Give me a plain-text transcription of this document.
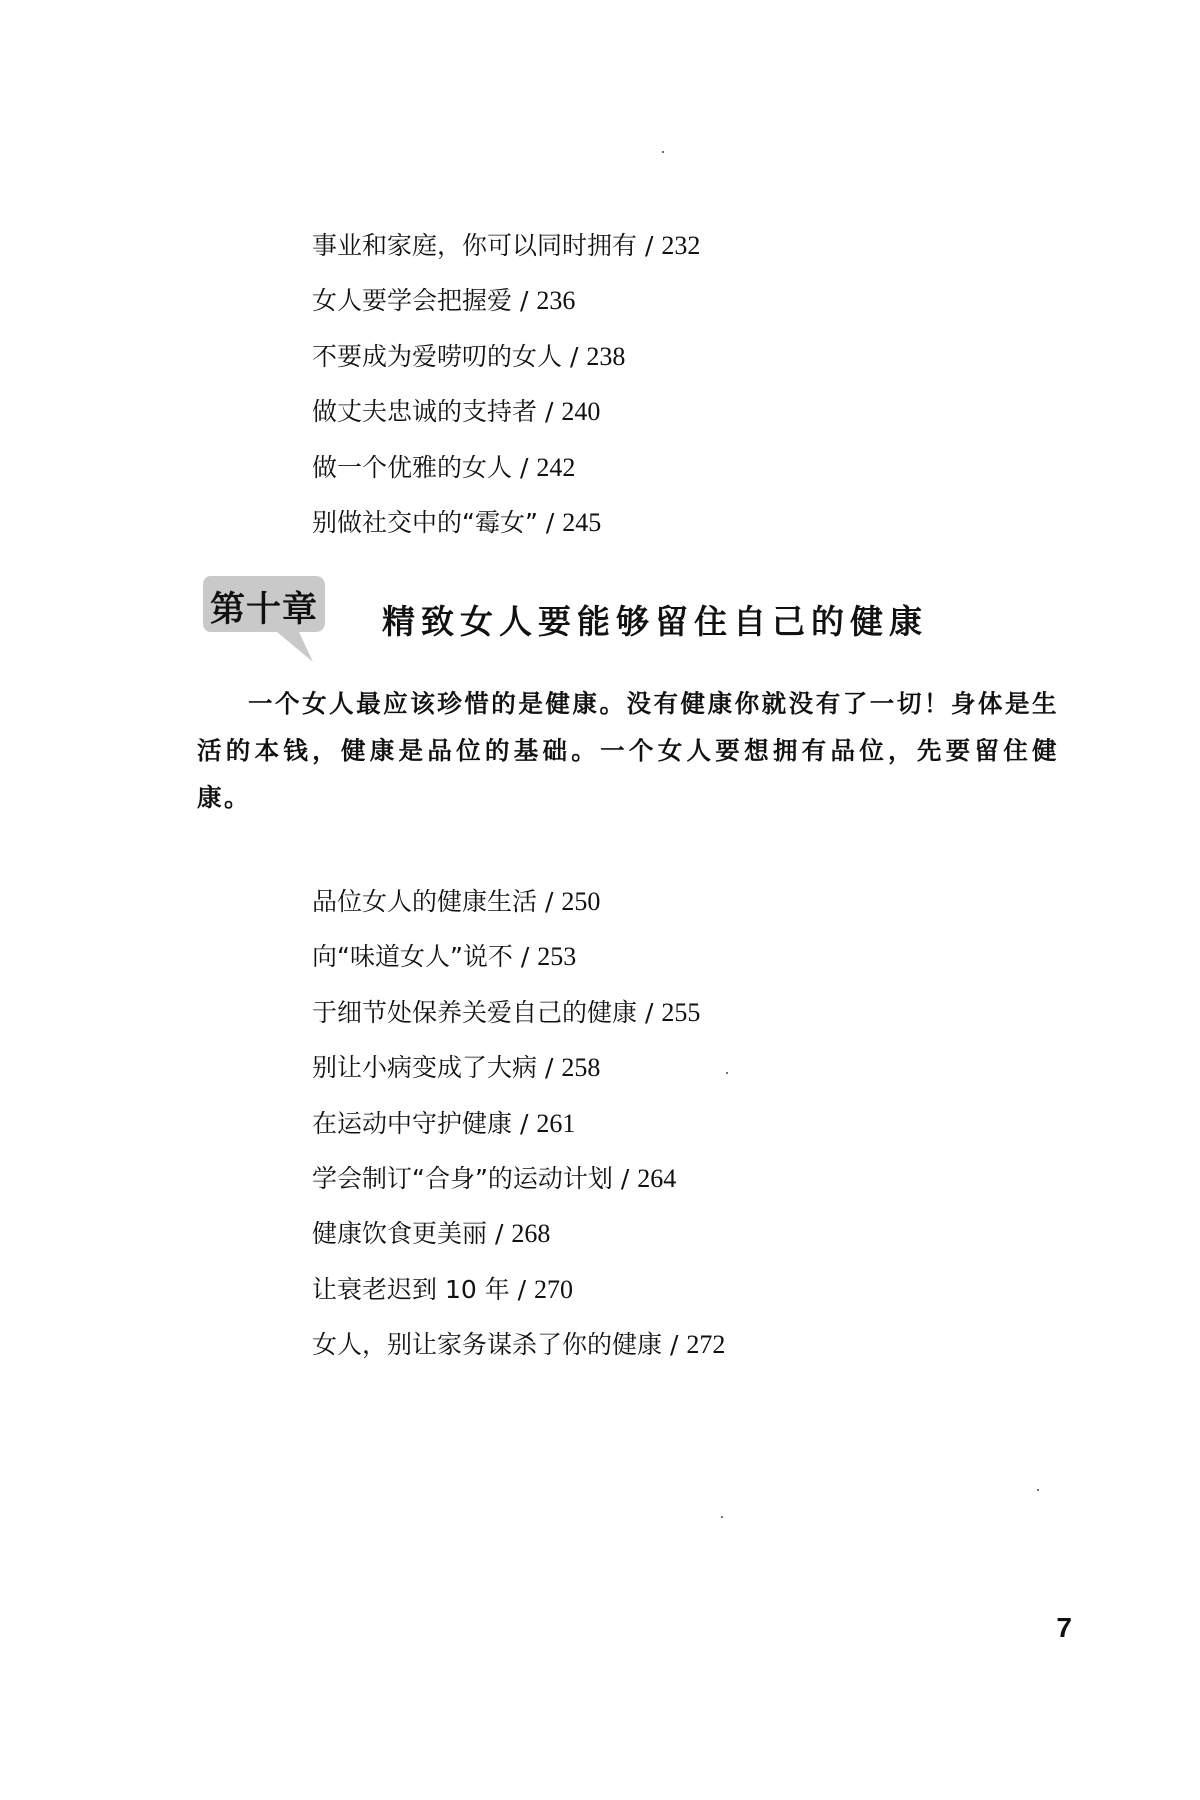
事业和家庭，你可以同时拥有 / 232
女人要学会把握爱 / 236
不要成为爱唠叨的女人 / 238
做丈夫忠诚的支持者 / 240
做一个优雅的女人 / 242
别做社交中的“霉女” / 245
第十章 精致女人要能够留住自己的健康

一个女人最应该珍惜的是健康。没有健康你就没有了一切！身体是生活的本钱，健康是品位的基础。一个女人要想拥有品位，先要留住健康。

品位女人的健康生活 / 250
向“味道女人”说不 / 253
于细节处保养关爱自己的健康 / 255
别让小病变成了大病 / 258
在运动中守护健康 / 261
学会制订“合身”的运动计划 / 264
健康饮食更美丽 / 268
让衰老迟到 10 年 / 270
女人，别让家务谋杀了你的健康 / 272
7
